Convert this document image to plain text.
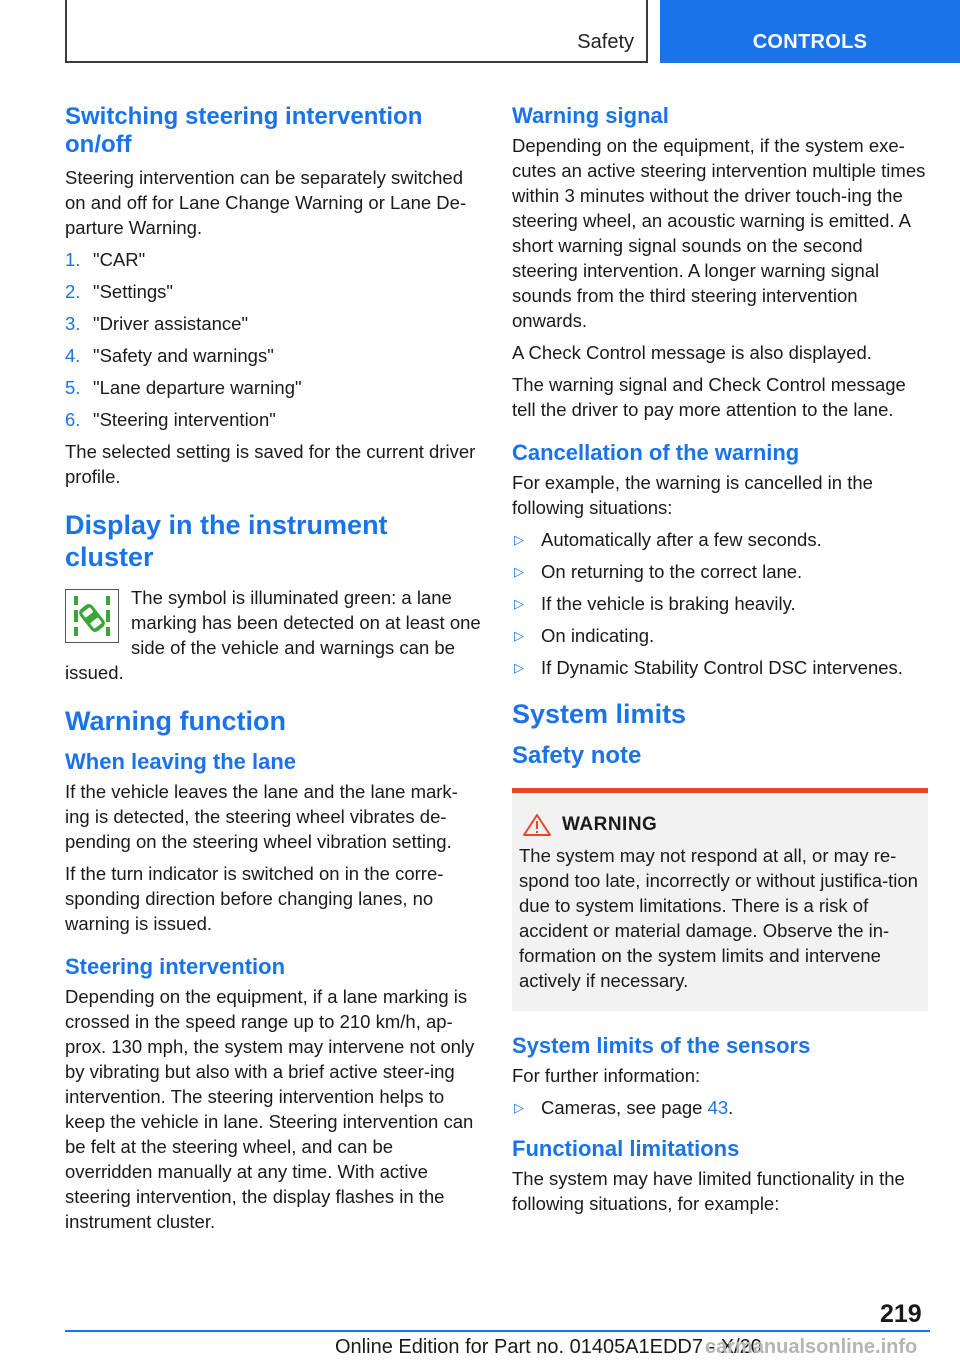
Safety	CONTROLS
Switching steering intervention on/off

Steering intervention can be separately switched on and off for Lane Change Warning or Lane De-parture Warning.

1. "CAR"
2. "Settings"
3. "Driver assistance"
4. "Safety and warnings"
5. "Lane departure warning"
6. "Steering intervention"

The selected setting is saved for the current driver profile.

Display in the instrument cluster

The symbol is illuminated green: a lane marking has been detected on at least one side of the vehicle and warnings can be issued.

Warning function
When leaving the lane

If the vehicle leaves the lane and the lane mark-ing is detected, the steering wheel vibrates de-pending on the steering wheel vibration setting.

If the turn indicator is switched on in the corre-sponding direction before changing lanes, no warning is issued.

Steering intervention

Depending on the equipment, if a lane marking is crossed in the speed range up to 210 km/h, ap-prox. 130 mph, the system may intervene not only by vibrating but also with a brief active steer-ing intervention. The steering intervention helps to keep the vehicle in lane. Steering intervention can be felt at the steering wheel, and can be overridden manually at any time. With active steering intervention, the display flashes in the instrument cluster.

Warning signal

Depending on the equipment, if the system exe-cutes an active steering intervention multiple times within 3 minutes without the driver touch-ing the steering wheel, an acoustic warning is emitted. A short warning signal sounds on the second steering intervention. A longer warning signal sounds from the third steering intervention onwards.

A Check Control message is also displayed.

The warning signal and Check Control message tell the driver to pay more attention to the lane.

Cancellation of the warning

For example, the warning is cancelled in the following situations:

▷ Automatically after a few seconds.
▷ On returning to the correct lane.
▷ If the vehicle is braking heavily.
▷ On indicating.
▷ If Dynamic Stability Control DSC intervenes.
System limits
Safety note
WARNING

The system may not respond at all, or may re-spond too late, incorrectly or without justifica-tion due to system limitations. There is a risk of accident or material damage. Observe the in-formation on the system limits and intervene actively if necessary.

System limits of the sensors

For further information:

▷ Cameras, see page 43.
Functional limitations

The system may have limited functionality in the following situations, for example:

219
Online Edition for Part no. 01405A1EDD7 - X/20
carmanualsonline.info
